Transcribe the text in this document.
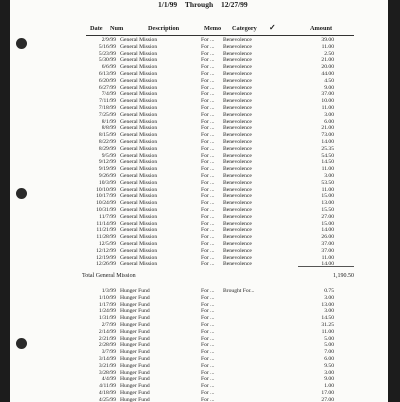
1/1/99 Through 12/27/99
Date Num	Description	Memo Category ✓	Amount
2/9/99		General Mission	For ...	Benevolence		39.00
5/16/99		General Mission	For ...	Benevolence		11.00
5/23/99		General Mission	For ...	Benevolence		2.50
5/30/99		General Mission	For ...	Benevolence		21.00
6/6/99		General Mission	For ...	Benevolence		20.00
6/13/99		General Mission	For ...	Benevolence		44.00
6/20/99		General Mission	For ...	Benevolence		4.50
6/27/99		General Mission	For ...	Benevolence		9.00
7/4/99		General Mission	For ...	Benevolence		37.00
7/11/99		General Mission	For ...	Benevolence		10.00
7/18/99		General Mission	For ...	Benevolence		11.00
7/25/99		General Mission	For ...	Benevolence		3.00
8/1/99		General Mission	For ...	Benevolence		6.00
8/8/99		General Mission	For ...	Benevolence		21.00
8/15/99		General Mission	For ...	Benevolence		73.00
8/22/99		General Mission	For ...	Benevolence		14.00
8/29/99		General Mission	For ...	Benevolence		25.35
9/5/99		General Mission	For ...	Benevolence		54.50
9/12/99		General Mission	For ...	Benevolence		14.50
9/19/99		General Mission	For ...	Benevolence		11.00
9/26/99		General Mission	For ...	Benevolence		3.00
10/3/99		General Mission	For ...	Benevolence		53.50
10/10/99		General Mission	For ...	Benevolence		11.00
10/17/99		General Mission	For ...	Benevolence		15.00
10/24/99		General Mission	For ...	Benevolence		13.00
10/31/99		General Mission	For ...	Benevolence		15.50
11/7/99		General Mission	For ...	Benevolence		27.00
11/14/99		General Mission	For ...	Benevolence		15.00
11/21/99		General Mission	For ...	Benevolence		14.00
11/28/99		General Mission	For ...	Benevolence		26.00
12/5/99		General Mission	For ...	Benevolence		37.00
12/12/99		General Mission	For ...	Benevolence		37.00
12/19/99		General Mission	For ...	Benevolence		11.00
12/26/99		General Mission	For ...	Benevolence		14.00
Total General Mission	1,190.50
1/3/99		Hunger Fund	For ...	Brought For...		0.75
1/10/99		Hunger Fund	For ...			3.00
1/17/99		Hunger Fund	For ...			13.00
1/24/99		Hunger Fund	For ...			3.00
1/31/99		Hunger Fund	For ...			14.50
2/7/99		Hunger Fund	For ...			31.25
2/14/99		Hunger Fund	For ...			11.00
2/21/99		Hunger Fund	For ...			5.00
2/28/99		Hunger Fund	For ...			5.00
3/7/99		Hunger Fund	For ...			7.00
3/14/99		Hunger Fund	For ...			6.00
3/21/99		Hunger Fund	For ...			9.50
3/28/99		Hunger Fund	For ...			3.00
4/4/99		Hunger Fund	For ...			9.00
4/11/99		Hunger Fund	For ...			1.00
4/18/99		Hunger Fund	For ...			17.00
4/25/99		Hunger Fund	For ...			27.00
